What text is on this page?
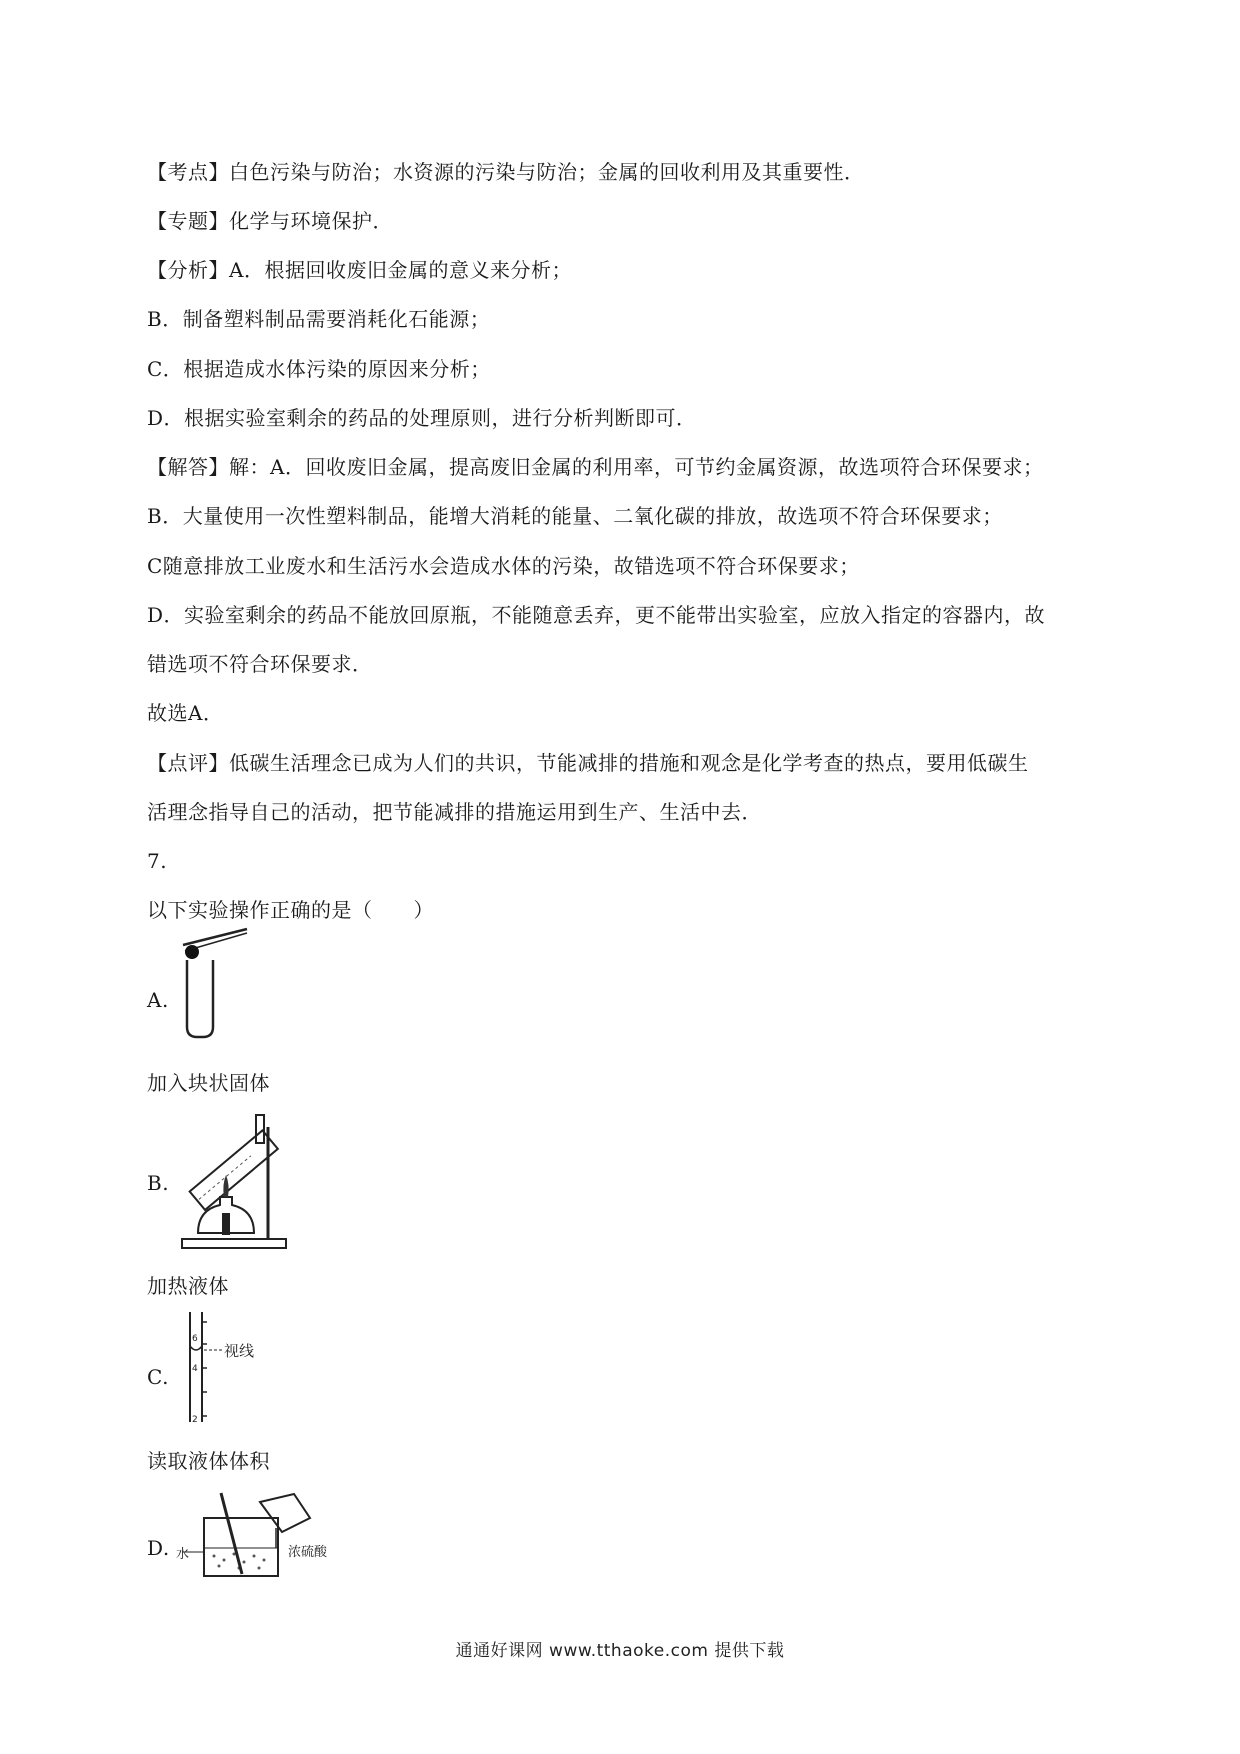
【考点】白色污染与防治；水资源的污染与防治；金属的回收利用及其重要性．
【专题】化学与环境保护．
【分析】A．根据回收废旧金属的意义来分析；
B．制备塑料制品需要消耗化石能源；
C．根据造成水体污染的原因来分析；
D．根据实验室剩余的药品的处理原则，进行分析判断即可．
【解答】解：A．回收废旧金属，提高废旧金属的利用率，可节约金属资源，故选项符合环保要求；
B．大量使用一次性塑料制品，能增大消耗的能量、二氧化碳的排放，故选项不符合环保要求；
C随意排放工业废水和生活污水会造成水体的污染，故错选项不符合环保要求；
D．实验室剩余的药品不能放回原瓶，不能随意丢弃，更不能带出实验室，应放入指定的容器内，故
错选项不符合环保要求．
故选A．
【点评】低碳生活理念已成为人们的共识，节能减排的措施和观念是化学考查的热点，要用低碳生
活理念指导自己的活动，把节能减排的措施运用到生产、生活中去．
7.
以下实验操作正确的是（　　）
A.
加入块状固体
B.
加热液体
C.
6
4
2
视线
读取液体体积
D. 水	浓硫酸
通通好课网 www.tthaoke.com 提供下载
